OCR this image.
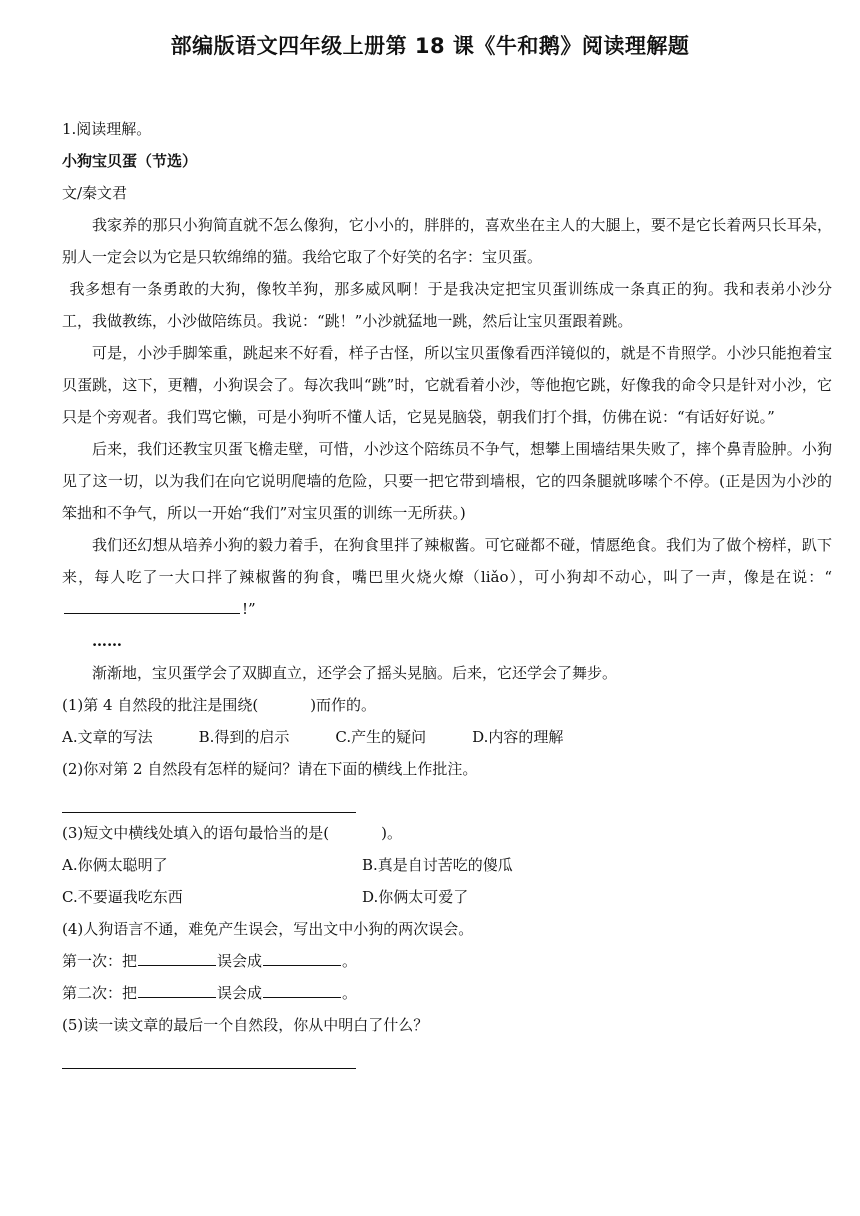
部编版语文四年级上册第 18 课《牛和鹅》阅读理解题
1.阅读理解。
小狗宝贝蛋（节选）
文/秦文君

我家养的那只小狗简直就不怎么像狗，它小小的，胖胖的，喜欢坐在主人的大腿上，要不是它长着两只长耳朵，别人一定会以为它是只软绵绵的猫。我给它取了个好笑的名字：宝贝蛋。

我多想有一条勇敢的大狗，像牧羊狗，那多威风啊！于是我决定把宝贝蛋训练成一条真正的狗。我和表弟小沙分工，我做教练，小沙做陪练员。我说：“跳！”小沙就猛地一跳，然后让宝贝蛋跟着跳。

可是，小沙手脚笨重，跳起来不好看，样子古怪，所以宝贝蛋像看西洋镜似的，就是不肯照学。小沙只能抱着宝贝蛋跳，这下，更糟，小狗误会了。每次我叫“跳”时，它就看着小沙，等他抱它跳，好像我的命令只是针对小沙，它只是个旁观者。我们骂它懒，可是小狗听不懂人话，它晃晃脑袋，朝我们打个揖，仿佛在说：“有话好好说。”

后来，我们还教宝贝蛋飞檐走壁，可惜，小沙这个陪练员不争气，想攀上围墙结果失败了，摔个鼻青脸肿。小狗见了这一切，以为我们在向它说明爬墙的危险，只要一把它带到墙根，它的四条腿就哆嗦个不停。(正是因为小沙的笨拙和不争气，所以一开始“我们”对宝贝蛋的训练一无所获。)

我们还幻想从培养小狗的毅力着手，在狗食里拌了辣椒酱。可它碰都不碰，情愿绝食。我们为了做个榜样，趴下来，每人吃了一大口拌了辣椒酱的狗食，嘴巴里火烧火燎（liǎo），可小狗却不动心，叫了一声，像是在说：“!”

……

渐渐地，宝贝蛋学会了双脚直立，还学会了摇头晃脑。后来，它还学会了舞步。

(1)第 4 自然段的批注是围绕(	)而作的。
A.文章的写法	B.得到的启示	C.产生的疑问	D.内容的理解
(2)你对第 2 自然段有怎样的疑问？请在下面的横线上作批注。
(3)短文中横线处填入的语句最恰当的是(	)。
A.你俩太聪明了	B.真是自讨苦吃的傻瓜
C.不要逼我吃东西	D.你俩太可爱了
(4)人狗语言不通，难免产生误会，写出文中小狗的两次误会。
第一次：把	误会成	。
第二次：把	误会成	。
(5)读一读文章的最后一个自然段，你从中明白了什么？
